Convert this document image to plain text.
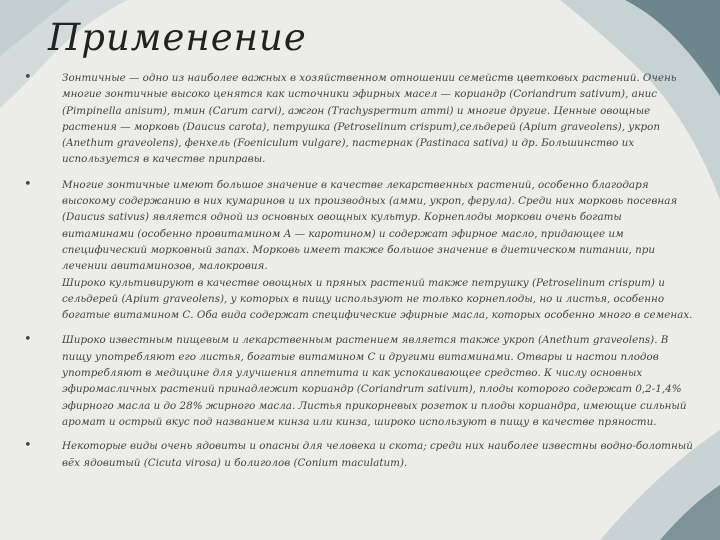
Применение
•	Зонтичные — одно из наиболее важных в хозяйственном отношении семейств цветковых растений. Очень многие зонтичные высоко ценятся как источники эфирных масел — кориандр (Coriandrum sativum), анис (Pimpinella anisum), тмин (Carum carvi), ажгон (Trachyspermum ammi) и многие другие. Ценные овощные растения — морковь (Daucus carota), петрушка (Petroselinum crispum),сельдерей (Apium graveolens), укроп (Anethum graveolens), фенхель (Foeniculum vulgare), пастернак (Pastinaca sativa) и др. Большинство их используется в качестве приправы.
•	Многие зонтичные имеют большое значение в качестве лекарственных растений, особенно благодаря высокому содержанию в них кумаринов и их производных (амми, укроп, ферула). Среди них морковь посевная (Daucus sativus) является одной из основных овощных культур. Корнеплоды моркови очень богаты витаминами (особенно провитамином А — каротином) и содержат эфирное масло, придающее им специфический морковный запах. Морковь имеет также большое значение в диетическом питании, при лечении авитаминозов, малокровия.
Широко культивируют в качестве овощных и пряных растений также петрушку (Petroselinum crispum) и сельдерей (Apium graveolens), у которых в пищу используют не только корнеплоды, но и листья, особенно богатые витамином С. Оба вида содержат специфические эфирные масла, которых особенно много в семенах.
•	Широко известным пищевым и лекарственным растением является также укроп (Anethum graveolens). В пищу употребляют его листья, богатые витамином С и другими витаминами. Отвары и настои плодов употребляют в медицине для улучшения аппетита и как успокаивающее средство. К числу основных эфиромасличных растений принадлежит кориандр (Coriandrum sativum), плоды которого содержат 0,2-1,4% эфирного масла и до 28% жирного масла. Листья прикорневых розеток и плоды кориандра, имеющие сильный аромат и острый вкус под названием кинза или кинза, широко используют в пищу в качестве пряности.
•	Некоторые виды очень ядовиты и опасны для человека и скота; среди них наиболее известны водно-болотный вёх ядовитый (Cicuta virosa) и болиголов (Conium maculatum).
